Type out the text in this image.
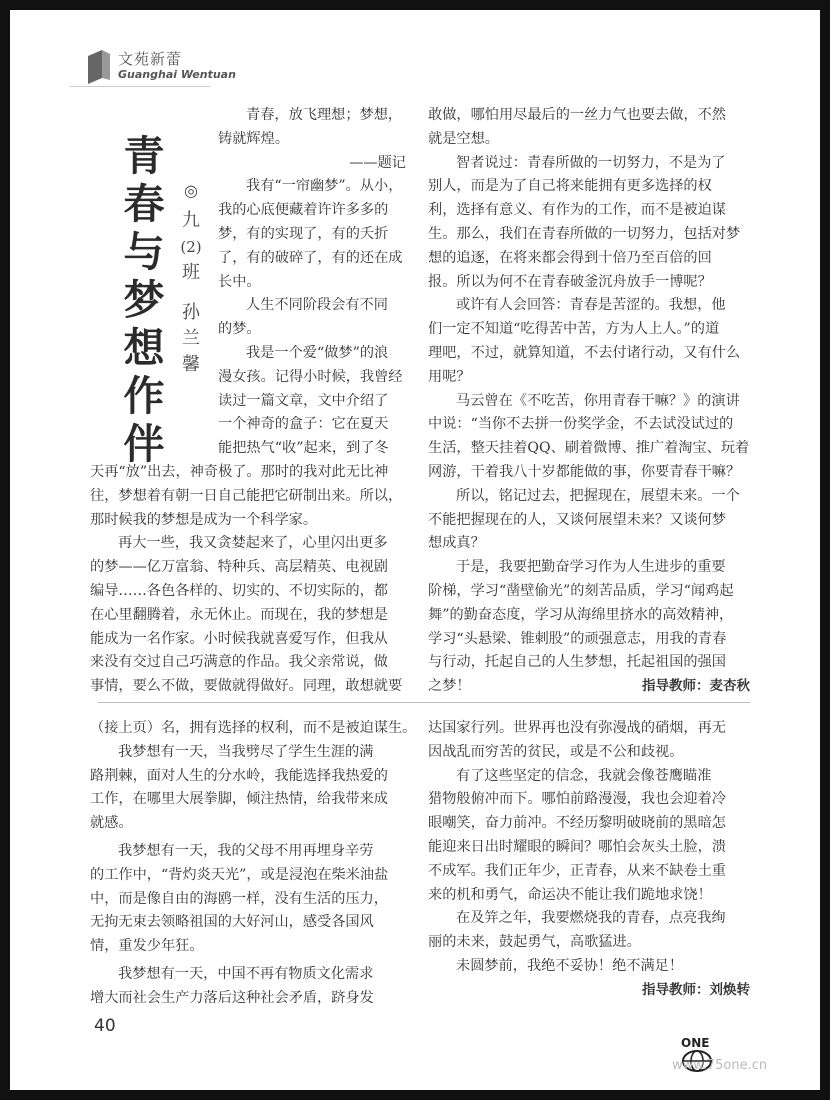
文苑新蕾
Guanghai Wentuan
青
春
与
梦
想
作
伴
◎
九
(2)
班
孙
兰
馨
青春，放飞理想；梦想，
铸就辉煌。
——题记
我有“一帘幽梦”。从小，
我的心底便藏着许许多多的
梦，有的实现了，有的夭折
了，有的破碎了，有的还在成
长中。
人生不同阶段会有不同
的梦。
我是一个爱“做梦”的浪
漫女孩。记得小时候，我曾经
读过一篇文章，文中介绍了
一个神奇的盒子：它在夏天
能把热气“收”起来，到了冬
天再“放”出去，神奇极了。那时的我对此无比神
往，梦想着有朝一日自己能把它研制出来。所以，
那时候我的梦想是成为一个科学家。
再大一些，我又贪婪起来了，心里闪出更多
的梦——亿万富翁、特种兵、高层精英、电视剧
编导……各色各样的、切实的、不切实际的，都
在心里翻腾着，永无休止。而现在，我的梦想是
能成为一名作家。小时候我就喜爱写作，但我从
来没有交过自己巧满意的作品。我父亲常说，做
事情，要么不做，要做就得做好。同理，敢想就要
敢做，哪怕用尽最后的一丝力气也要去做，不然
就是空想。
智者说过：青春所做的一切努力，不是为了
别人，而是为了自己将来能拥有更多选择的权
利，选择有意义、有作为的工作，而不是被迫谋
生。那么，我们在青春所做的一切努力，包括对梦
想的追逐，在将来都会得到十倍乃至百倍的回
报。所以为何不在青春破釜沉舟放手一博呢？
或许有人会回答：青春是苦涩的。我想，他
们一定不知道“吃得苦中苦，方为人上人。”的道
理吧，不过，就算知道，不去付诸行动，又有什么
用呢？
马云曾在《不吃苦，你用青春干嘛？》的演讲
中说：“当你不去拼一份奖学金，不去试没试过的
生活，整天挂着QQ、刷着微博、推广着淘宝、玩着
网游，干着我八十岁都能做的事，你要青春干嘛？
所以，铭记过去，把握现在，展望未来。一个
不能把握现在的人，又谈何展望未来？又谈何梦
想成真？
于是，我要把勤奋学习作为人生进步的重要
阶梯，学习“凿壁偷光”的刻苦品质，学习“闻鸡起
舞”的勤奋态度，学习从海绵里挤水的高效精神，
学习“头悬梁、锥刺股”的顽强意志，用我的青春
与行动，托起自己的人生梦想，托起祖国的强国
之梦！	指导教师：麦杏秋
（接上页）名，拥有选择的权利，而不是被迫谋生。
我梦想有一天，当我劈尽了学生生涯的满
路荆棘，面对人生的分水岭，我能选择我热爱的
工作，在哪里大展拳脚，倾注热情，给我带来成
就感。
我梦想有一天，我的父母不用再埋身辛劳
的工作中，“背灼炎天光”，或是浸泡在柴米油盐
中，而是像自由的海鸥一样，没有生活的压力，
无拘无束去领略祖国的大好河山，感受各国风
情，重发少年狂。
我梦想有一天，中国不再有物质文化需求
增大而社会生产力落后这种社会矛盾，跻身发
达国家行列。世界再也没有弥漫战的硝烟，再无
因战乱而穷苦的贫民，或是不公和歧视。
有了这些坚定的信念，我就会像苍鹰瞄准
猎物般俯冲而下。哪怕前路漫漫，我也会迎着冷
眼嘲笑，奋力前冲。不经历黎明破晓前的黑暗怎
能迎来日出时耀眼的瞬间？哪怕会灰头土脸，溃
不成军。我们正年少，正青春，从来不缺卷土重
来的机和勇气，命运决不能让我们跪地求饶！
在及笄之年，我要燃烧我的青春，点亮我绚
丽的未来，鼓起勇气，高歌猛进。
未圆梦前，我绝不妥协！绝不满足！
指导教师：刘焕转
40
ONE
www.75one.cn
